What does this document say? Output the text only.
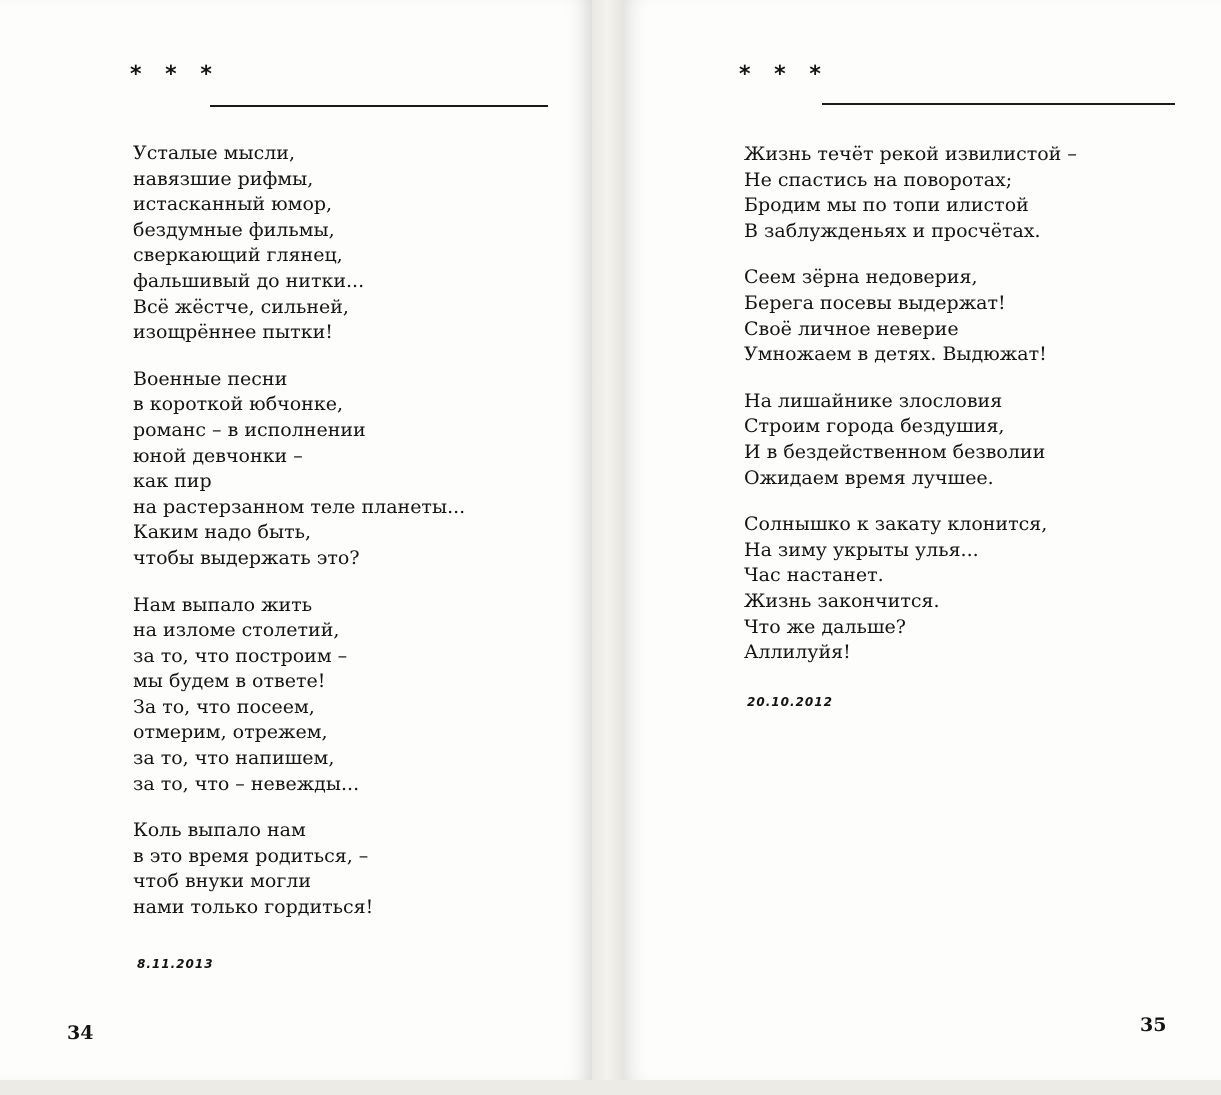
* * *
Усталые мысли,
навязшие рифмы,
истасканный юмор,
бездумные фильмы,
сверкающий глянец,
фальшивый до нитки...
Всё жёстче, сильней,
изощрённее пытки!
Военные песни
в короткой юбчонке,
романс – в исполнении
юной девчонки –
как пир
на растерзанном теле планеты...
Каким надо быть,
чтобы выдержать это?
Нам выпало жить
на изломе столетий,
за то, что построим –
мы будем в ответе!
За то, что посеем,
отмерим, отрежем,
за то, что напишем,
за то, что – невежды...
Коль выпало нам
в это время родиться, –
чтоб внуки могли
нами только гордиться!
8.11.2013
34
* * *
Жизнь течёт рекой извилистой –
Не спастись на поворотах;
Бродим мы по топи илистой
В заблужденьях и просчётах.
Сеем зёрна недоверия,
Берега посевы выдержат!
Своё личное неверие
Умножаем в детях. Выдюжат!
На лишайнике злословия
Строим города бездушия,
И в бездейственном безволии
Ожидаем время лучшее.
Солнышко к закату клонится,
На зиму укрыты улья...
Час настанет.
Жизнь закончится.
Что же дальше?
Аллилуйя!
20.10.2012
35
